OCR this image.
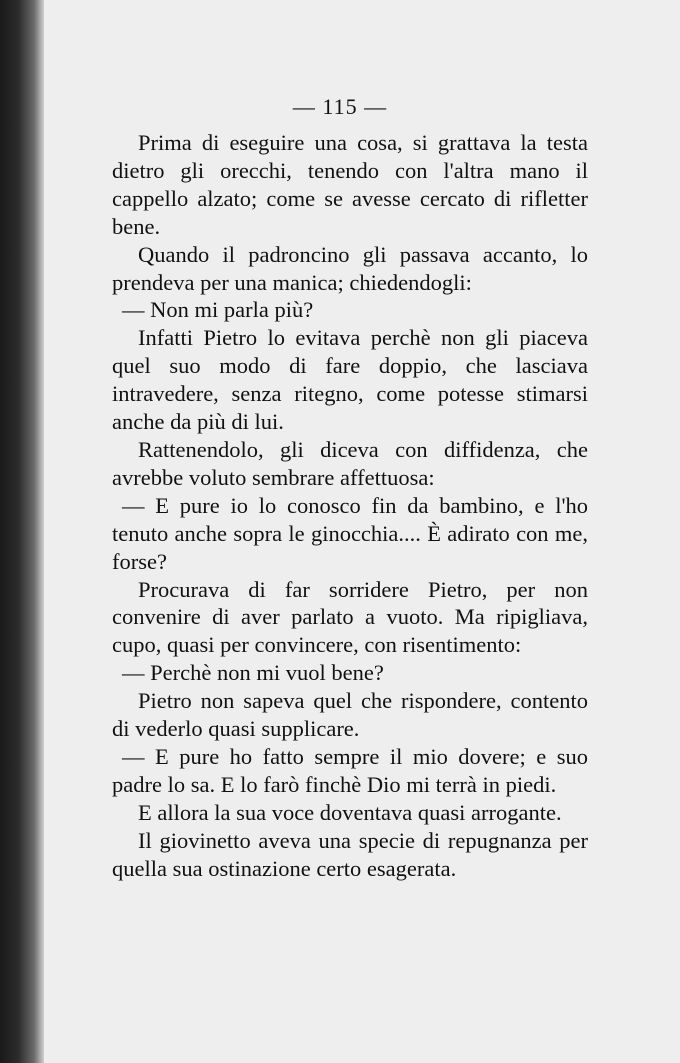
— 115 —

Prima di eseguire una cosa, si grattava la testa dietro gli orecchi, tenendo con l'altra mano il cappello alzato; come se avesse cercato di rifletter bene.

Quando il padroncino gli passava accanto, lo prendeva per una manica; chiedendogli:

— Non mi parla più?

Infatti Pietro lo evitava perchè non gli piaceva quel suo modo di fare doppio, che lasciava intravedere, senza ritegno, come potesse stimarsi anche da più di lui.

Rattenendolo, gli diceva con diffidenza, che avrebbe voluto sembrare affettuosa:

— E pure io lo conosco fin da bambino, e l'ho tenuto anche sopra le ginocchia.... È adirato con me, forse?

Procurava di far sorridere Pietro, per non convenire di aver parlato a vuoto. Ma ripigliava, cupo, quasi per convincere, con risentimento:

— Perchè non mi vuol bene?

Pietro non sapeva quel che rispondere, contento di vederlo quasi supplicare.

— E pure ho fatto sempre il mio dovere; e suo padre lo sa. E lo farò finchè Dio mi terrà in piedi.

E allora la sua voce doventava quasi arrogante.

Il giovinetto aveva una specie di repugnanza per quella sua ostinazione certo esagerata.
